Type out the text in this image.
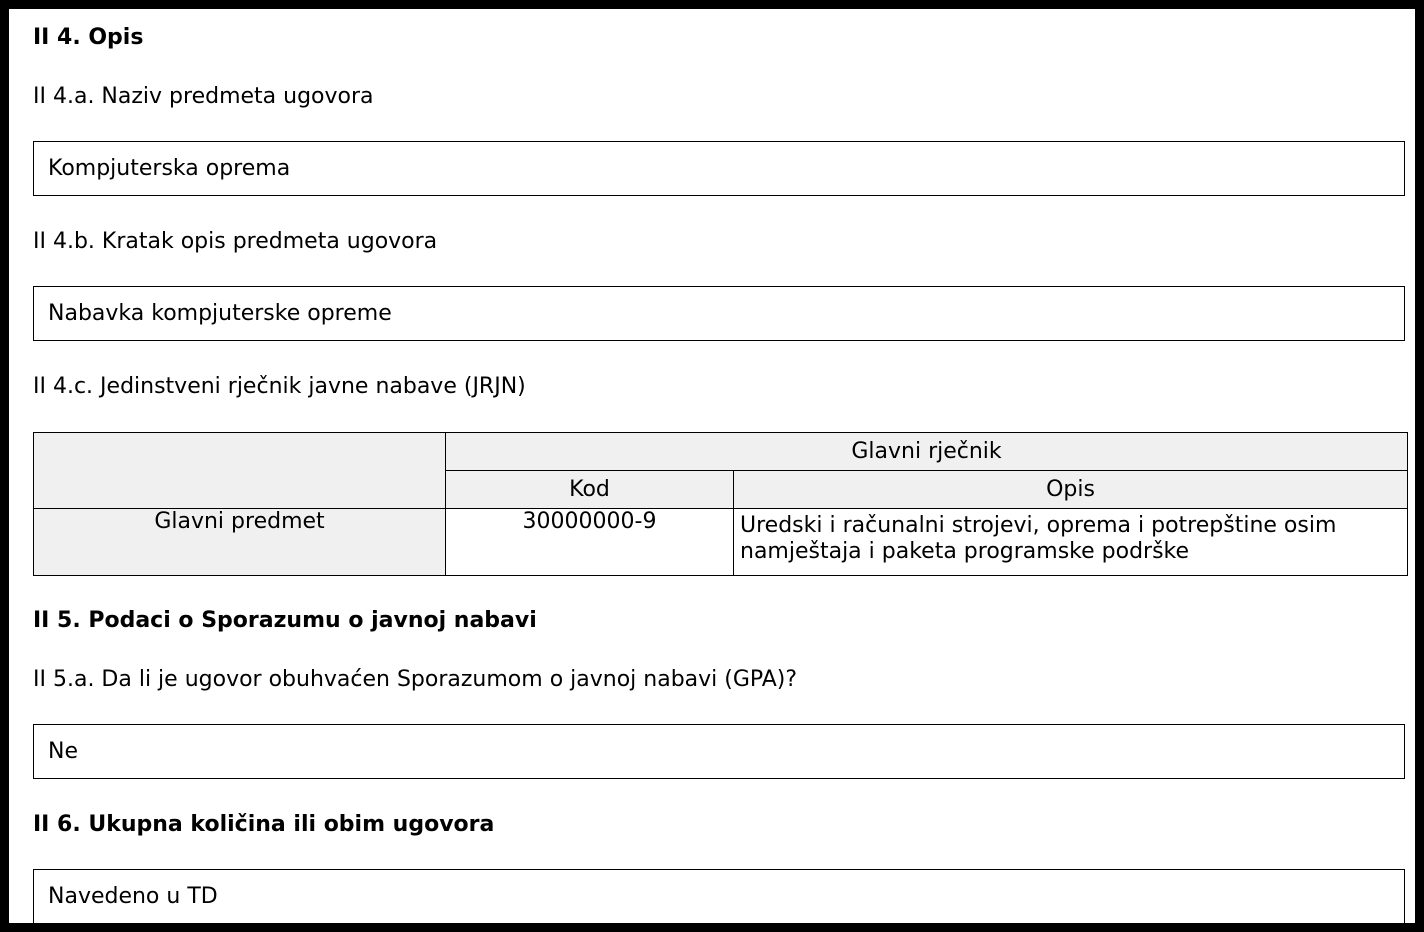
II 4. Opis
II 4.a. Naziv predmeta ugovora
Kompjuterska oprema
II 4.b. Kratak opis predmeta ugovora
Nabavka kompjuterske opreme
II 4.c. Jedinstveni rječnik javne nabave (JRJN)
	Glavni rječnik	
	Kod	Opis
Glavni predmet	30000000-9	Uredski i računalni strojevi, oprema i potrepštine osim namještaja i paketa programske podrške
II 5. Podaci o Sporazumu o javnoj nabavi
II 5.a. Da li je ugovor obuhvaćen Sporazumom o javnoj nabavi (GPA)?
Ne
II 6. Ukupna količina ili obim ugovora
Navedeno u TD
